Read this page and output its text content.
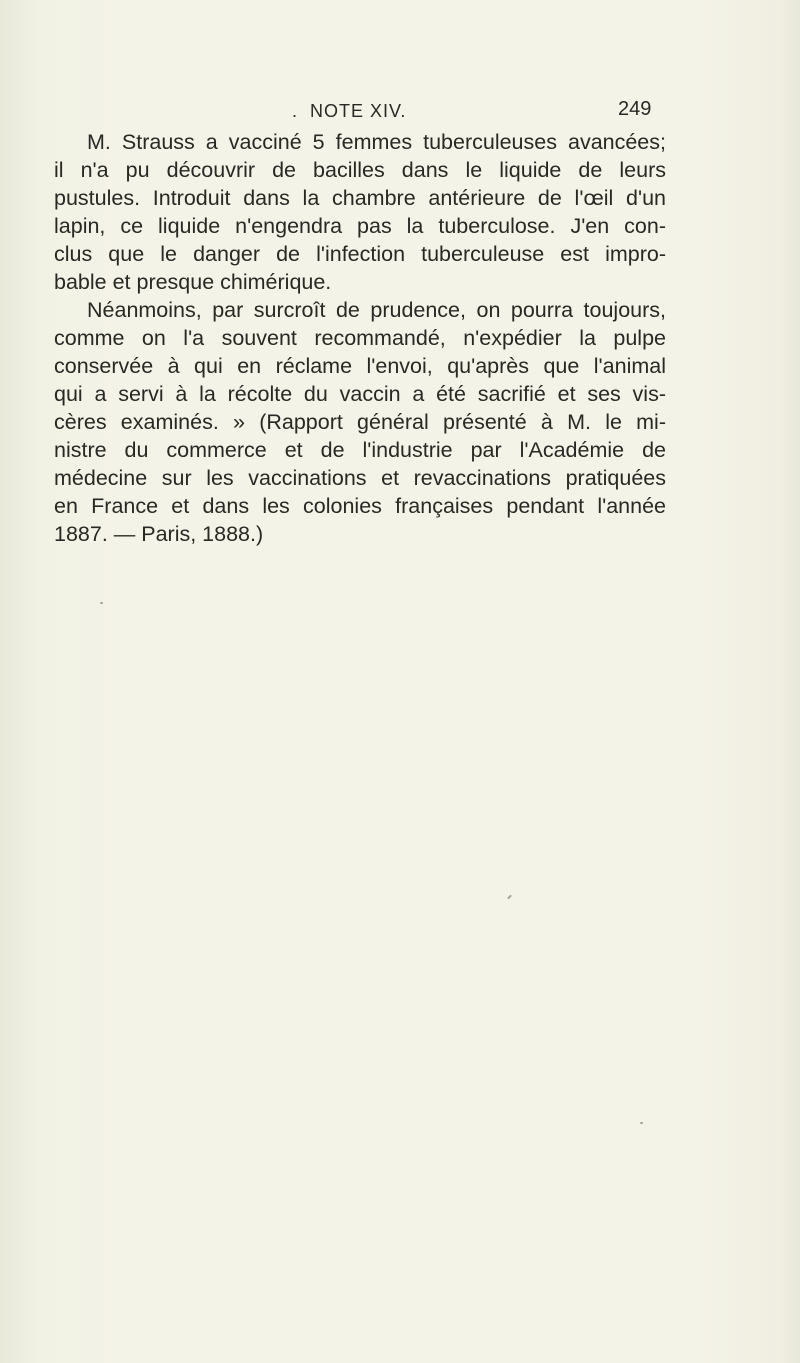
. NOTE XIV.	249
M. Strauss a vacciné 5 femmes tuberculeuses avancées;
il n'a pu découvrir de bacilles dans le liquide de leurs
pustules. Introduit dans la chambre antérieure de l'œil d'un
lapin, ce liquide n'engendra pas la tuberculose. J'en con-
clus que le danger de l'infection tuberculeuse est impro-
bable et presque chimérique.
Néanmoins, par surcroît de prudence, on pourra toujours,
comme on l'a souvent recommandé, n'expédier la pulpe
conservée à qui en réclame l'envoi, qu'après que l'animal
qui a servi à la récolte du vaccin a été sacrifié et ses vis-
cères examinés. » (Rapport général présenté à M. le mi-
nistre du commerce et de l'industrie par l'Académie de
médecine sur les vaccinations et revaccinations pratiquées
en France et dans les colonies françaises pendant l'année
1887. — Paris, 1888.)
